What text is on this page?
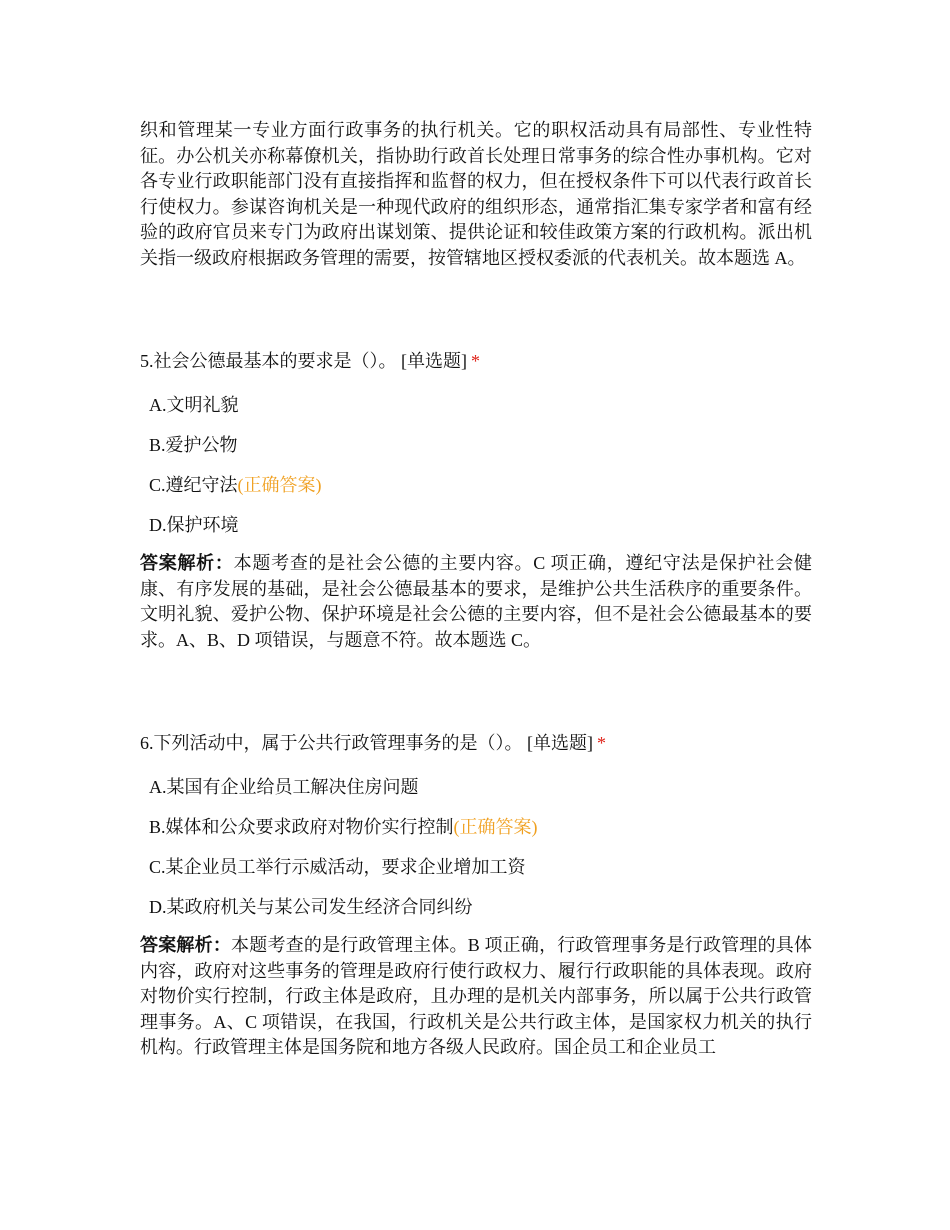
织和管理某一专业方面行政事务的执行机关。它的职权活动具有局部性、专业性特征。办公机关亦称幕僚机关，指协助行政首长处理日常事务的综合性办事机构。它对各专业行政职能部门没有直接指挥和监督的权力，但在授权条件下可以代表行政首长行使权力。参谋咨询机关是一种现代政府的组织形态，通常指汇集专家学者和富有经验的政府官员来专门为政府出谋划策、提供论证和较佳政策方案的行政机构。派出机关指一级政府根据政务管理的需要，按管辖地区授权委派的代表机关。故本题选 A。

5.社会公德最基本的要求是（）。 [单选题] *

A.文明礼貌

B.爱护公物

C.遵纪守法(正确答案)

D.保护环境

答案解析：本题考查的是社会公德的主要内容。C 项正确，遵纪守法是保护社会健康、有序发展的基础，是社会公德最基本的要求，是维护公共生活秩序的重要条件。文明礼貌、爱护公物、保护环境是社会公德的主要内容，但不是社会公德最基本的要求。A、B、D 项错误，与题意不符。故本题选 C。

6.下列活动中，属于公共行政管理事务的是（）。 [单选题] *

A.某国有企业给员工解决住房问题

B.媒体和公众要求政府对物价实行控制(正确答案)

C.某企业员工举行示威活动，要求企业增加工资

D.某政府机关与某公司发生经济合同纠纷

答案解析：本题考查的是行政管理主体。B 项正确，行政管理事务是行政管理的具体内容，政府对这些事务的管理是政府行使行政权力、履行行政职能的具体表现。政府对物价实行控制，行政主体是政府，且办理的是机关内部事务，所以属于公共行政管理事务。A、C 项错误，在我国，行政机关是公共行政主体，是国家权力机关的执行机构。行政管理主体是国务院和地方各级人民政府。国企员工和企业员工
